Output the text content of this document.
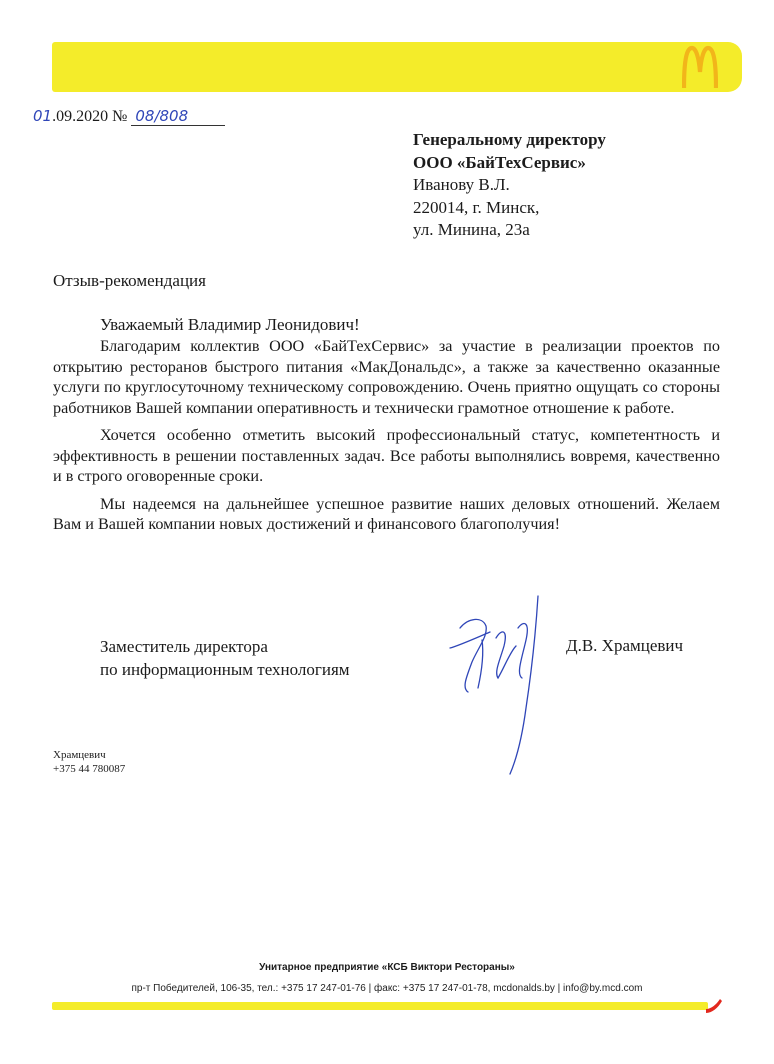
01.09.2020 № 08/808
Генеральному директору
ООО «БайТехСервис»
Иванову В.Л.
220014, г. Минск,
ул. Минина, 23а
Отзыв-рекомендация
Уважаемый Владимир Леонидович!

Благодарим коллектив ООО «БайТехСервис» за участие в реализации проектов по открытию ресторанов быстрого питания «МакДональдс», а также за качественно оказанные услуги по круглосуточному техническому сопровождению. Очень приятно ощущать со стороны работников Вашей компании оперативность и технически грамотное отношение к работе.

Хочется особенно отметить высокий профессиональный статус, компетентность и эффективность в решении поставленных задач. Все работы выполнялись вовремя, качественно и в строго оговоренные сроки.

Мы надеемся на дальнейшее успешное развитие наших деловых отношений. Желаем Вам и Вашей компании новых достижений и финансового благополучия!

Заместитель директора
по информационным технологиям
Д.В. Храмцевич
Храмцевич
+375 44 780087
Унитарное предприятие «КСБ Виктори Рестораны»
пр-т Победителей, 106-35, тел.: +375 17 247-01-76 | факс: +375 17 247-01-78, mcdonalds.by | info@by.mcd.com
